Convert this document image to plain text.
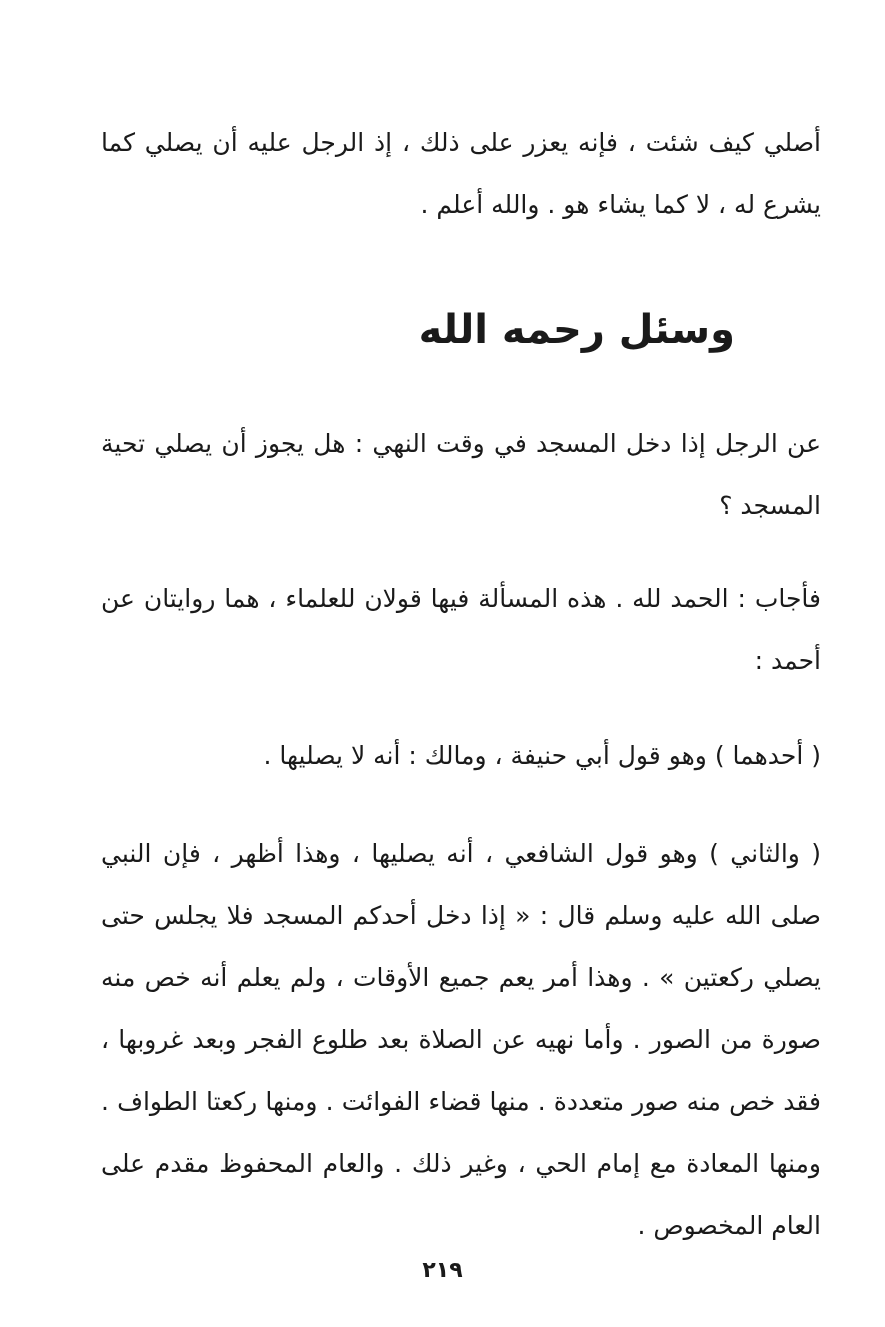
أصلي كيف شئت ، فإنه يعزر على ذلك ، إذ الرجل عليه أن يصلي كما يشرع له ، لا كما يشاء هو . والله أعلم .
وسئل رحمه الله
عن الرجل إذا دخل المسجد في وقت النهي : هل يجوز أن يصلي تحية المسجد ؟
فأجاب : الحمد لله . هذه المسألة فيها قولان للعلماء ، هما روايتان عن أحمد :
( أحدهما ) وهو قول أبي حنيفة ، ومالك : أنه لا يصليها .
( والثاني ) وهو قول الشافعي ، أنه يصليها ، وهذا أظهر ، فإن النبي صلى الله عليه وسلم قال : « إذا دخل أحدكم المسجد فلا يجلس حتى يصلي ركعتين » . وهذا أمر يعم جميع الأوقات ، ولم يعلم أنه خص منه صورة من الصور . وأما نهيه عن الصلاة بعد طلوع الفجر وبعد غروبها ، فقد خص منه صور متعددة . منها قضاء الفوائت . ومنها ركعتا الطواف . ومنها المعادة مع إمام الحي ، وغير ذلك . والعام المحفوظ مقدم على العام المخصوص .
٢١٩
